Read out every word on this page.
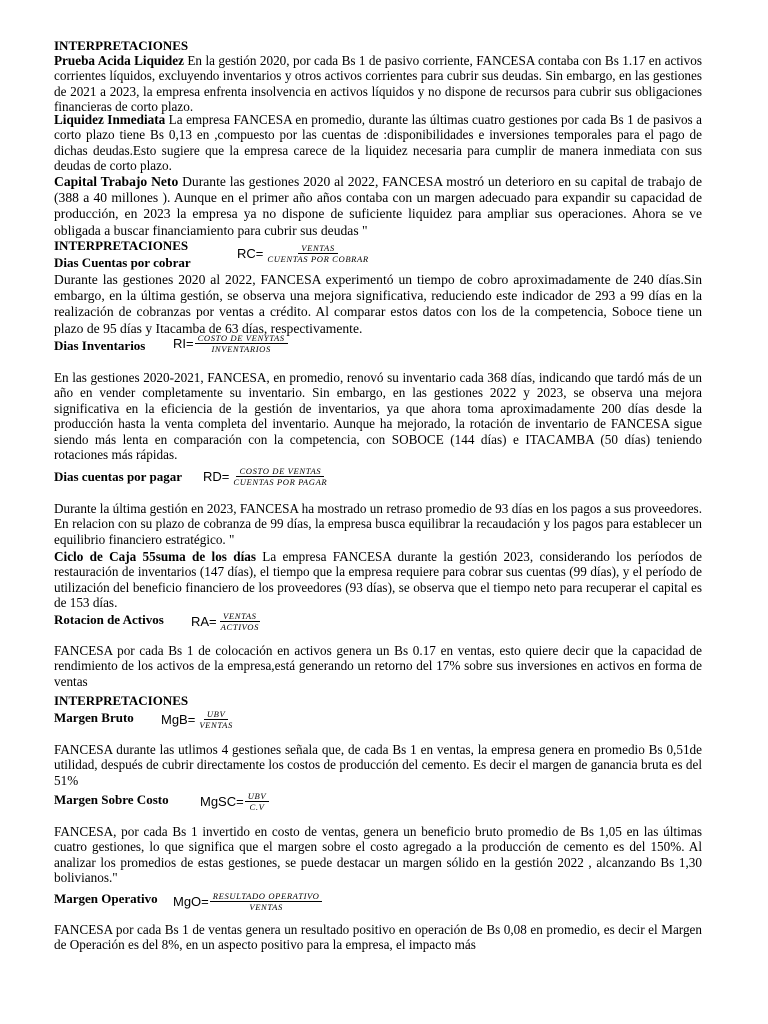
INTERPRETACIONES

Prueba Acida Liquidez En la gestión 2020, por cada Bs 1 de pasivo corriente, FANCESA contaba con Bs 1.17 en activos corrientes líquidos, excluyendo inventarios y otros activos corrientes para cubrir sus deudas. Sin embargo, en las gestiones de 2021 a 2023, la empresa enfrenta insolvencia en activos líquidos y no dispone de recursos para cubrir sus obligaciones financieras de corto plazo.

Liquidez Inmediata La empresa FANCESA en promedio, durante las últimas cuatro gestiones por cada Bs 1 de pasivos a corto plazo tiene Bs 0,13 en ,compuesto por las cuentas de :disponibilidades e inversiones temporales para el pago de dichas deudas.Esto sugiere que la empresa carece de la liquidez necesaria para cumplir de manera inmediata con sus deudas de corto plazo.

Capital Trabajo Neto Durante las gestiones 2020 al 2022, FANCESA mostró un deterioro en su capital de trabajo de (388 a 40 millones ). Aunque en el primer año años contaba con un margen adecuado para expandir su capacidad de producción, en 2023 la empresa ya no dispone de suficiente liquidez para ampliar sus operaciones. Ahora se ve obligada a buscar financiamiento para cubrir sus deudas "

INTERPRETACIONES
Dias Cuentas por cobrar
$RC= \frac{\text{VENTAS}}{\text{CUENTAS POR COBRAR}}$

Durante las gestiones 2020 al 2022, FANCESA experimentó un tiempo de cobro aproximadamente de 240 días.Sin embargo, en la última gestión, se observa una mejora significativa, reduciendo este indicador de 293 a 99 días en la realización de cobranzas por ventas a crédito. Al comparar estos datos con los de la competencia, Soboce tiene un plazo de 95 días y Itacamba de 63 días, respectivamente.

Dias Inventarios	$RI= \frac{\text{COSTO DE VENYTAS}}{\text{INVENTARIOS}}$

En las gestiones 2020-2021, FANCESA, en promedio, renovó su inventario cada 368 días, indicando que tardó más de un año en vender completamente su inventario. Sin embargo, en las gestiones 2022 y 2023, se observa una mejora significativa en la eficiencia de la gestión de inventarios, ya que ahora toma aproximadamente 200 días desde la producción hasta la venta completa del inventario. Aunque ha mejorado, la rotación de inventario de FANCESA sigue siendo más lenta en comparación con la competencia, con SOBOCE (144 días) e ITACAMBA (50 días) teniendo rotaciones más rápidas.

Dias cuentas por pagar	$RD= \frac{\text{COSTO DE VENTAS}}{\text{CUENTAS POR PAGAR}}$

Durante la última gestión en 2023, FANCESA ha mostrado un retraso promedio de 93 días en los pagos a sus proveedores. En relacion con su plazo de cobranza de 99 días, la empresa busca equilibrar la recaudación y los pagos para establecer un equilibrio financiero estratégico. "

Ciclo de Caja 55suma de los días La empresa FANCESA durante la gestión 2023, considerando los períodos de restauración de inventarios (147 días), el tiempo que la empresa requiere para cobrar sus cuentas (99 días), y el período de utilización del beneficio financiero de los proveedores (93 días), se observa que el tiempo neto para recuperar el capital es de 153 días.

Rotacion de Activos	$RA= \frac{\text{VENTAS}}{\text{ACTIVOS}}$

FANCESA por cada Bs 1 de colocación en activos genera un Bs 0.17 en ventas, esto quiere decir que la capacidad de rendimiento de los activos de la empresa,está generando un retorno del 17% sobre sus inversiones en activos en forma de ventas

INTERPRETACIONES
Margen Bruto	$MgB= \frac{\text{UBV}}{\text{VENTAS}}$

FANCESA durante las utlimos 4 gestiones señala que, de cada Bs 1 en ventas, la empresa genera en promedio Bs 0,51de utilidad, después de cubrir directamente los costos de producción del cemento. Es decir el margen de ganancia bruta es del 51%

Margen Sobre Costo	MgSC= $\frac{\text{UBV}}{C.V}$

FANCESA, por cada Bs 1 invertido en costo de ventas, genera un beneficio bruto promedio de Bs 1,05 en las últimas cuatro gestiones, lo que significa que el margen sobre el costo agregado a la producción de cemento es del 150%. Al analizar los promedios de estas gestiones, se puede destacar un margen sólido en la gestión 2022 , alcanzando Bs 1,30 bolivianos."

Margen Operativo	$MgO= \frac{\text{RESULTADO OPERATIVO}}{\text{VENTAS}}$

FANCESA por cada Bs 1 de ventas genera un resultado positivo en operación de Bs 0,08 en promedio, es decir el Margen de Operación es del 8%, en un aspecto positivo para la empresa, el impacto más
